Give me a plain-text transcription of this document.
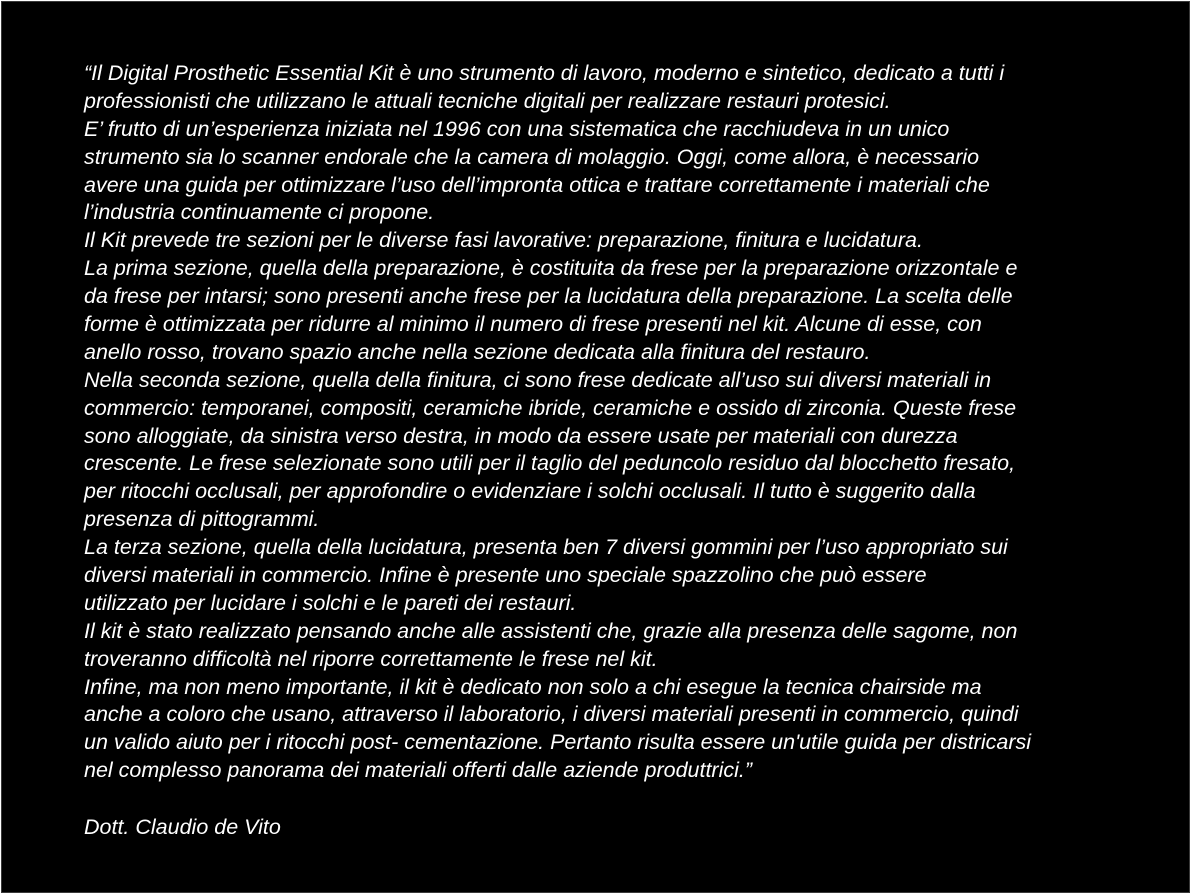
“Il Digital Prosthetic Essential Kit è uno strumento di lavoro, moderno e sintetico, dedicato a tutti i
professionisti che utilizzano le attuali tecniche digitali per realizzare restauri protesici.
E’ frutto di un’esperienza iniziata nel 1996 con una sistematica che racchiudeva in un unico
strumento sia lo scanner endorale che la camera di molaggio. Oggi, come allora, è necessario
avere una guida per ottimizzare l’uso dell’impronta ottica e trattare correttamente i materiali che
l’industria continuamente ci propone.
Il Kit prevede tre sezioni per le diverse fasi lavorative: preparazione, finitura e lucidatura.
La prima sezione, quella della preparazione, è costituita da frese per la preparazione orizzontale e
da frese per intarsi; sono presenti anche frese per la lucidatura della preparazione. La scelta delle
forme è ottimizzata per ridurre al minimo il numero di frese presenti nel kit. Alcune di esse, con
anello rosso, trovano spazio anche nella sezione dedicata alla finitura del restauro.
Nella seconda sezione, quella della finitura, ci sono frese dedicate all’uso sui diversi materiali in
commercio: temporanei, compositi, ceramiche ibride, ceramiche e ossido di zirconia. Queste frese
sono alloggiate, da sinistra verso destra, in modo da essere usate per materiali con durezza
crescente. Le frese selezionate sono utili per il taglio del peduncolo residuo dal blocchetto fresato,
per ritocchi occlusali, per approfondire o evidenziare i solchi occlusali. Il tutto è suggerito dalla
presenza di pittogrammi.
La terza sezione, quella della lucidatura, presenta ben 7 diversi gommini per l’uso appropriato sui
diversi materiali in commercio. Infine è presente uno speciale spazzolino che può essere
utilizzato per lucidare i solchi e le pareti dei restauri.
Il kit è stato realizzato pensando anche alle assistenti che, grazie alla presenza delle sagome, non
troveranno difficoltà nel riporre correttamente le frese nel kit.
Infine, ma non meno importante, il kit è dedicato non solo a chi esegue la tecnica chairside ma
anche a coloro che usano, attraverso il laboratorio, i diversi materiali presenti in commercio, quindi
un valido aiuto per i ritocchi post- cementazione. Pertanto risulta essere un'utile guida per districarsi
nel complesso panorama dei materiali offerti dalle aziende produttrici.”

Dott. Claudio de Vito
